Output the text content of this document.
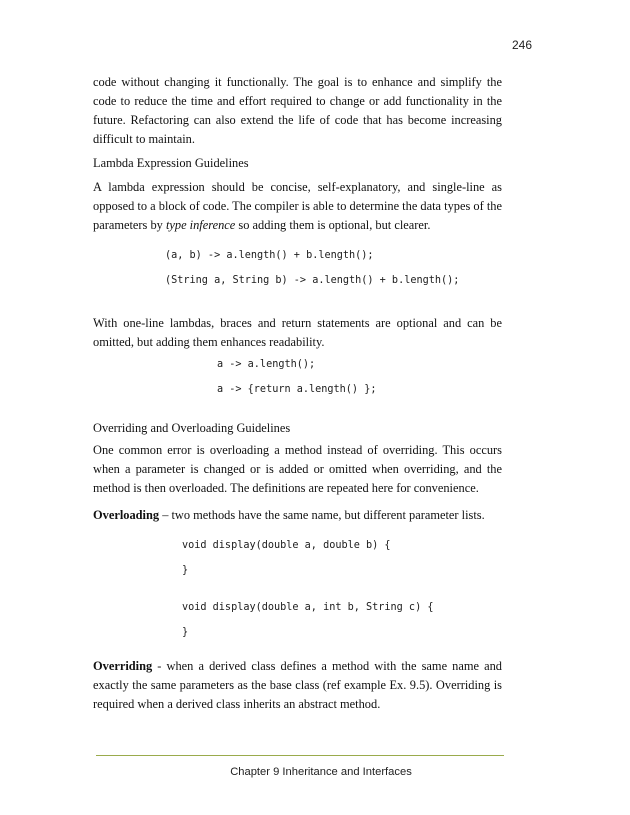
246

code without changing it functionally. The goal is to enhance and simplify the code to reduce the time and effort required to change or add functionality in the future. Refactoring can also extend the life of code that has become increasing difficult to maintain.

Lambda Expression Guidelines

A lambda expression should be concise, self-explanatory, and single-line as opposed to a block of code. The compiler is able to determine the data types of the parameters by type inference so adding them is optional, but clearer.

(a, b) -> a.length() + b.length();
(String a, String b) -> a.length() + b.length();

With one-line lambdas, braces and return statements are optional and can be omitted, but adding them enhances readability.

a -> a.length();
a -> {return a.length() };

Overriding and Overloading Guidelines

One common error is overloading a method instead of overriding. This occurs when a parameter is changed or is added or omitted when overriding, and the method is then overloaded. The definitions are repeated here for convenience.

Overloading – two methods have the same name, but different parameter lists.

void display(double a, double b) {
}
void display(double a, int b, String c) {
}

Overriding - when a derived class defines a method with the same name and exactly the same parameters as the base class (ref example Ex. 9.5). Overriding is required when a derived class inherits an abstract method.

Chapter 9 Inheritance and Interfaces
